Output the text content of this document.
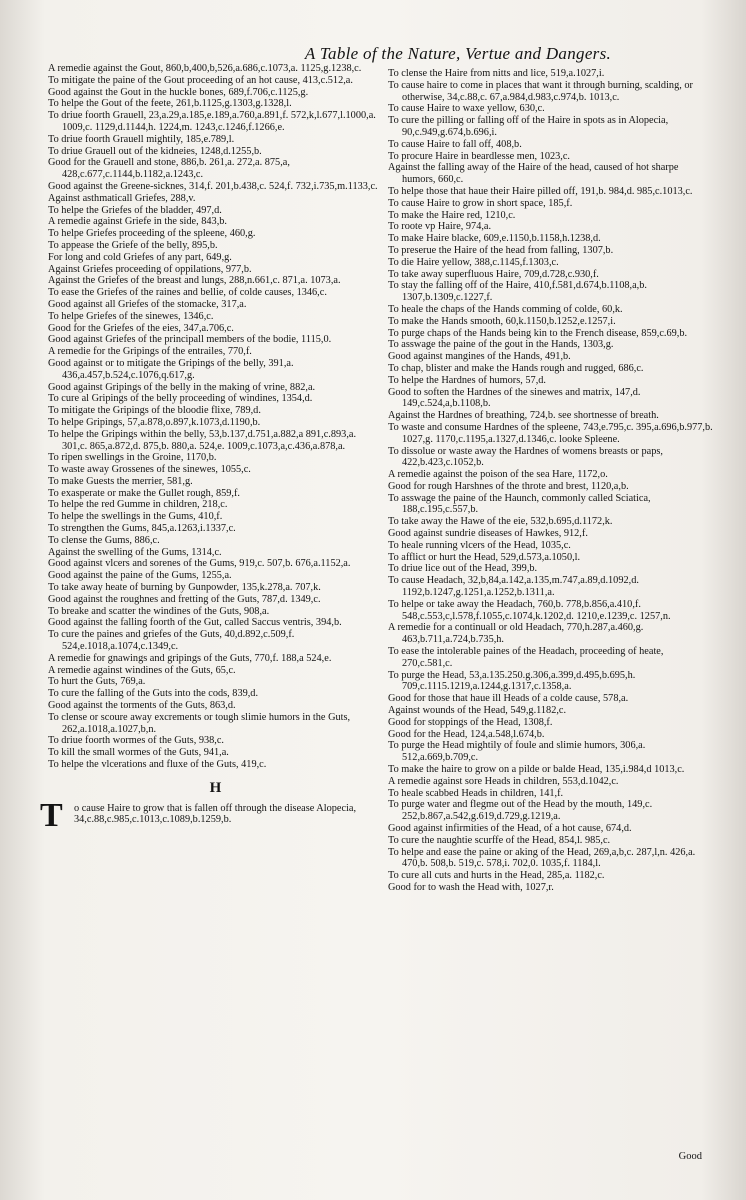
A Table of the Nature, Vertue and Dangers.

A remedie against the Gout, 860,b,400,b,526,a.686,c.1073,a. 1125,g.1238,c.

To mitigate the paine of the Gout proceeding of an hot cause, 413,c.512,a.

Good against the Gout in the huckle bones, 689,f.706,c.1125,g.

To helpe the Gout of the feete, 261,b.1125,g.1303,g.1328,l.

To driue foorth Grauell, 23,a.29,a.185,e.189,a.760,a.891,f. 572,k,l.677,l.1000,a. 1009,c. 1129,d.1144,h. 1224,m. 1243,c.1246,f.1266,e.

To driue foorth Grauell mightily, 185,e.789,l.

To driue Grauell out of the kidneies, 1248,d.1255,b.

Good for the Grauell and stone, 886,b. 261,a. 272,a. 875,a, 428,c.677,c.1144,b.1182,a.1243,c.

Good against the Greene-sicknes, 314,f. 201,b.438,c. 524,f. 732,i.735,m.1133,c.

Against asthmaticall Griefes, 288,v.

To helpe the Griefes of the bladder, 497,d.

A remedie against Griefe in the side, 843,b.

To helpe Griefes proceeding of the spleene, 460,g.

To appease the Griefe of the belly, 895,b.

For long and cold Griefes of any part, 649,g.

Against Griefes proceeding of oppilations, 977,b.

Against the Griefes of the breast and lungs, 288,n.661,c. 871,a. 1073,a.

To ease the Griefes of the raines and bellie, of colde causes, 1346,c.

Good against all Griefes of the stomacke, 317,a.

To helpe Griefes of the sinewes, 1346,c.

Good for the Griefes of the eies, 347,a.706,c.

Good against Griefes of the principall members of the bodie, 1115,0.

A remedie for the Gripings of the entrailes, 770,f.

Good against or to mitigate the Gripings of the belly, 391,a. 436,a.457,b.524,c.1076,q.617,g.

Good against Gripings of the belly in the making of vrine, 882,a.

To cure al Gripings of the belly proceeding of windines, 1354,d.

To mitigate the Gripings of the bloodie flixe, 789,d.

To helpe Gripings, 57,a.878,o.897,k.1073,d.1190,b.

To helpe the Gripings within the belly, 53,b.137,d.751,a.882,a 891,c.893,a. 301,c. 865,a.872,d. 875,b. 880,a. 524,e. 1009,c.1073,a,c.436,a.878,a.

To ripen swellings in the Groine, 1170,b.

To waste away Grossenes of the sinewes, 1055,c.

To make Guests the merrier, 581,g.

To exasperate or make the Gullet rough, 859,f.

To helpe the red Gumme in children, 218,c.

To helpe the swellings in the Gums, 410,f.

To strengthen the Gums, 845,a.1263,i.1337,c.

To clense the Gums, 886,c.

Against the swelling of the Gums, 1314,c.

Good against vlcers and sorenes of the Gums, 919,c. 507,b. 676,a.1152,a.

Good against the paine of the Gums, 1255,a.

To take away heate of burning by Gunpowder, 135,k.278,a. 707,k.

Good against the roughnes and fretting of the Guts, 787,d. 1349,c.

To breake and scatter the windines of the Guts, 908,a.

Good against the falling foorth of the Gut, called Saccus ventris, 394,b.

To cure the paines and griefes of the Guts, 40,d.892,c.509,f. 524,e.1018,a.1074,c.1349,c.

A remedie for gnawings and gripings of the Guts, 770,f. 188,a 524,e.

A remedie against windines of the Guts, 65,c.

To hurt the Guts, 769,a.

To cure the falling of the Guts into the cods, 839,d.

Good against the torments of the Guts, 863,d.

To clense or scoure away excrements or tough slimie humors in the Guts, 262,a.1018,a.1027,b,n.

To driue foorth wormes of the Guts, 938,c.

To kill the small wormes of the Guts, 941,a.

To helpe the vlcerations and fluxe of the Guts, 419,c.

H
T o cause Haire to grow that is fallen off through the disease Alopecia, 34,c.88,c.985,c.1013,c.1089,b.1259,b.

To clense the Haire from nitts and lice, 519,a.1027,i.

To cause haire to come in places that want it through burning, scalding, or otherwise, 34,c.88,c. 67,a.984,d.983,c.974,b. 1013,c.

To cause Haire to waxe yellow, 630,c.

To cure the pilling or falling off of the Haire in spots as in Alopecia, 90,c.949,g.674,b.696,i.

To cause Haire to fall off, 408,b.

To procure Haire in beardlesse men, 1023,c.

Against the falling away of the Haire of the head, caused of hot sharpe humors, 660,c.

To helpe those that haue their Haire pilled off, 191,b. 984,d. 985,c.1013,c.

To cause Haire to grow in short space, 185,f.

To make the Haire red, 1210,c.

To roote vp Haire, 974,a.

To make Haire blacke, 609,e.1150,b.1158,h.1238,d.

To preserue the Haire of the head from falling, 1307,b.

To die Haire yellow, 388,c.1145,f.1303,c.

To take away superfluous Haire, 709,d.728,c.930,f.

To stay the falling off of the Haire, 410,f.581,d.674,b.1108,a,b. 1307,b.1309,c.1227,f.

To heale the chaps of the Hands comming of colde, 60,k.

To make the Hands smooth, 60,k.1150,b.1252,e.1257,i.

To purge chaps of the Hands being kin to the French disease, 859,c.69,b.

To asswage the paine of the gout in the Hands, 1303,g.

Good against mangines of the Hands, 491,b.

To chap, blister and make the Hands rough and rugged, 686,c.

To helpe the Hardnes of humors, 57,d.

Good to soften the Hardnes of the sinewes and matrix, 147,d. 149,c.524,a,b.1108,b.

Against the Hardnes of breathing, 724,b. see shortnesse of breath.

To waste and consume Hardnes of the spleene, 743,e.795,c. 395,a.696,b.977,b. 1027,g. 1170,c.1195,a.1327,d.1346,c. looke Spleene.

To dissolue or waste away the Hardnes of womens breasts or paps, 422,b.423,c.1052,b.

A remedie against the poison of the sea Hare, 1172,o.

Good for rough Harshnes of the throte and brest, 1120,a,b.

To asswage the paine of the Haunch, commonly called Sciatica, 188,c.195,c.557,b.

To take away the Hawe of the eie, 532,b.695,d.1172,k.

Good against sundrie diseases of Hawkes, 912,f.

To heale running vlcers of the Head, 1035,c.

To afflict or hurt the Head, 529,d.573,a.1050,l.

To driue lice out of the Head, 399,b.

To cause Headach, 32,b,84,a.142,a.135,m.747,a.89,d.1092,d. 1192,b.1247,g.1251,a.1252,b.1311,a.

To helpe or take away the Headach, 760,b. 778,b.856,a.410,f. 548,c.553,c,l.578,f.1055,c.1074,k.1202,d. 1210,e.1239,c. 1257,n.

A remedie for a continuall or old Headach, 770,h.287,a.460,g. 463,b.711,a.724,b.735,h.

To ease the intolerable paines of the Headach, proceeding of heate, 270,c.581,c.

To purge the Head, 53,a.135.250.g.306,a.399,d.495,b.695,h. 709,c.1115.1219,a.1244,g.1317,c.1358,a.

Good for those that haue ill Heads of a colde cause, 578,a.

Against wounds of the Head, 549,g.1182,c.

Good for stoppings of the Head, 1308,f.

Good for the Head, 124,a.548,l.674,b.

To purge the Head mightily of foule and slimie humors, 306,a. 512,a.669,b.709,c.

To make the haire to grow on a pilde or balde Head, 135,i.984,d 1013,c.

A remedie against sore Heads in children, 553,d.1042,c.

To heale scabbed Heads in children, 141,f.

To purge water and flegme out of the Head by the mouth, 149,c. 252,b.867,a.542,g.619,d.729,g.1219,a.

Good against infirmities of the Head, of a hot cause, 674,d.

To cure the naughtie scurffe of the Head, 854,l. 985,c.

To helpe and ease the paine or aking of the Head, 269,a,b,c. 287,l,n. 426,a. 470,b. 508,b. 519,c. 578,i. 702,0. 1035,f. 1184,l.

To cure all cuts and hurts in the Head, 285,a. 1182,c.

Good for to wash the Head with, 1027,r.

Good
